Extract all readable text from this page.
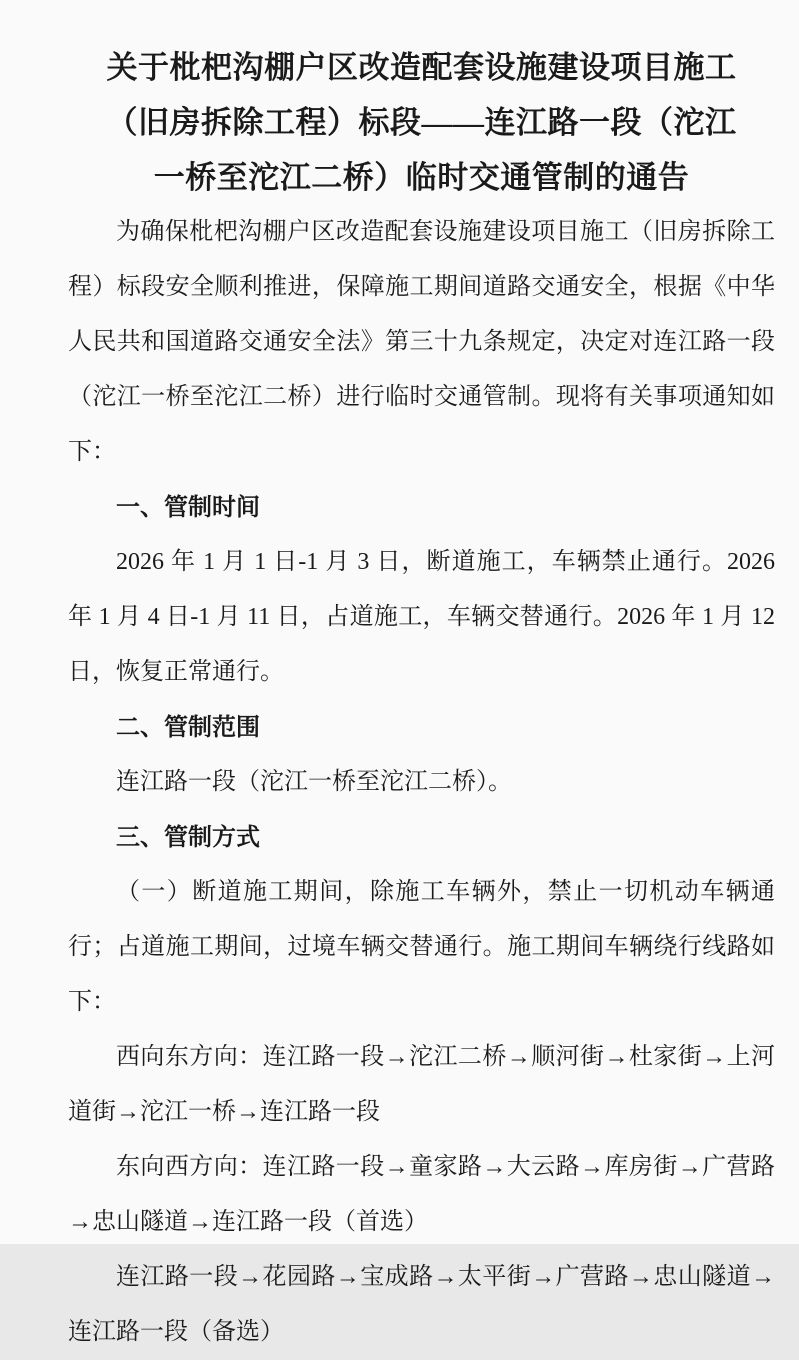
关于枇杷沟棚户区改造配套设施建设项目施工（旧房拆除工程）标段——连江路一段（沱江一桥至沱江二桥）临时交通管制的通告

为确保枇杷沟棚户区改造配套设施建设项目施工（旧房拆除工程）标段安全顺利推进，保障施工期间道路交通安全，根据《中华人民共和国道路交通安全法》第三十九条规定，决定对连江路一段（沱江一桥至沱江二桥）进行临时交通管制。现将有关事项通知如下：

一、管制时间

2026 年 1 月 1 日-1 月 3 日，断道施工，车辆禁止通行。2026 年 1 月 4 日-1 月 11 日，占道施工，车辆交替通行。2026 年 1 月 12 日，恢复正常通行。

二、管制范围

连江路一段（沱江一桥至沱江二桥）。

三、管制方式

（一）断道施工期间，除施工车辆外，禁止一切机动车辆通行；占道施工期间，过境车辆交替通行。施工期间车辆绕行线路如下：

西向东方向：连江路一段→沱江二桥→顺河街→杜家街→上河道街→沱江一桥→连江路一段

东向西方向：连江路一段→童家路→大云路→库房街→广营路→忠山隧道→连江路一段（首选）

连江路一段→花园路→宝成路→太平街→广营路→忠山隧道→连江路一段（备选）
